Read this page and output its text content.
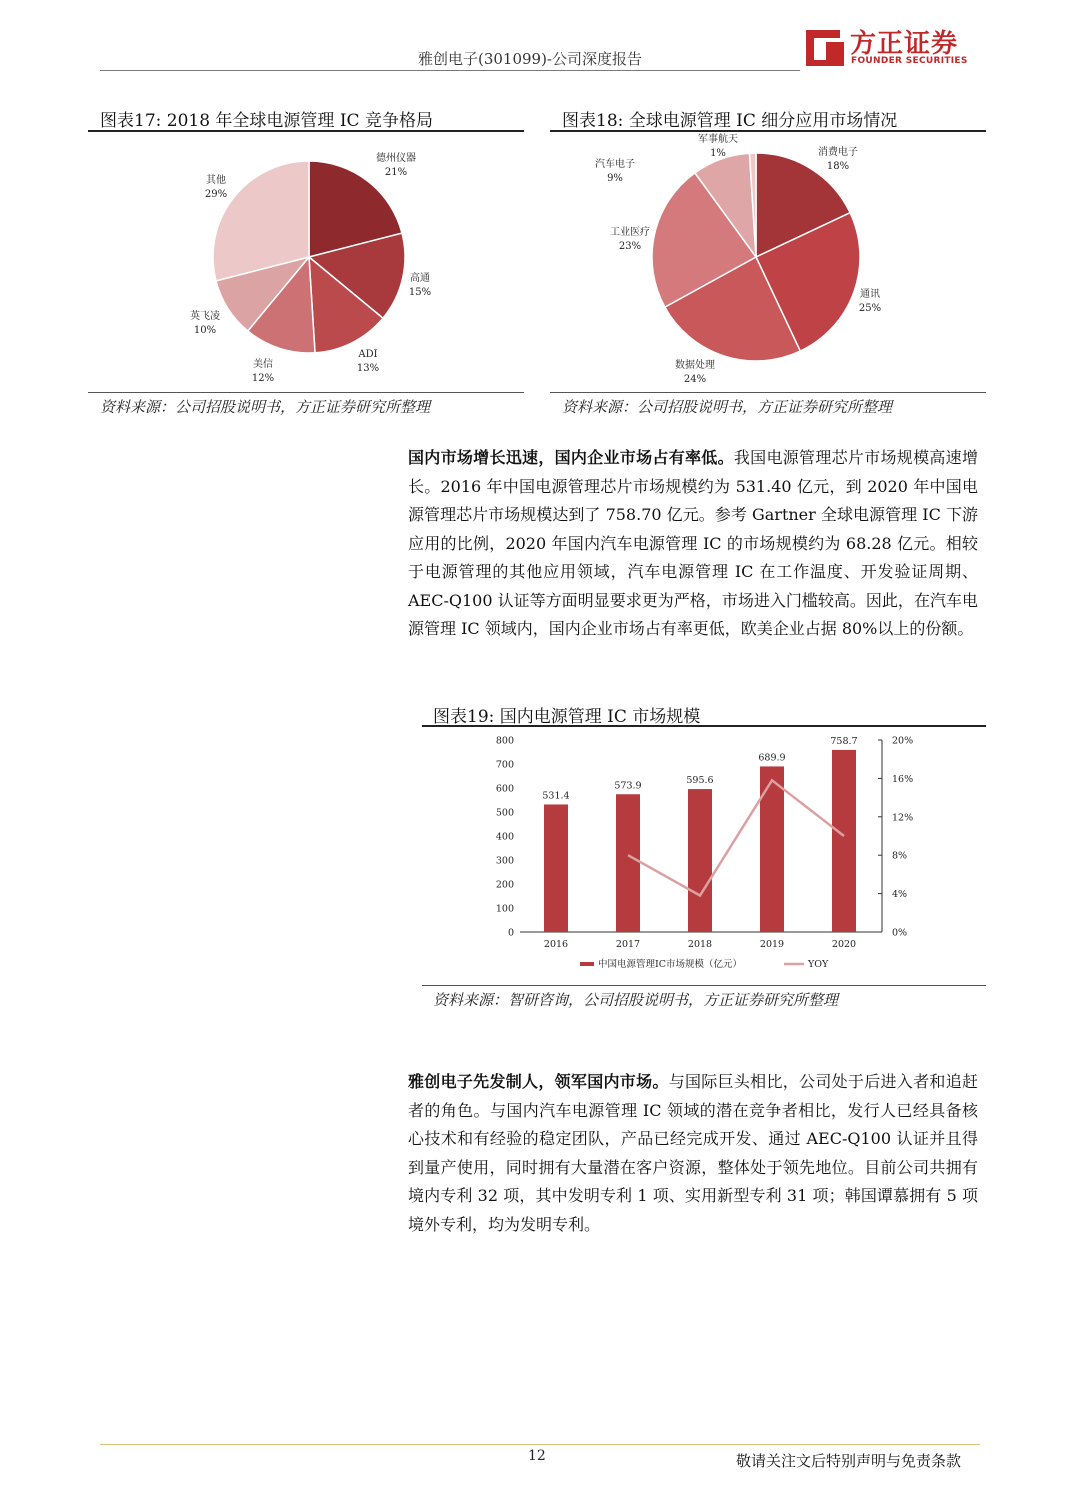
雅创电子(301099)-公司深度报告	方正证券
FOUNDER SECURITIES
图表17: 2018 年全球电源管理 IC 竞争格局
德州仪器
21%
高通
15%
ADI
13%
美信
12%
英飞凌
10%
其他
29%
资料来源：公司招股说明书，方正证券研究所整理
图表18: 全球电源管理 IC 细分应用市场情况
消费电子
18%
通讯
25%
数据处理
24%
工业医疗
23%
汽车电子
9%
军事航天
1%
资料来源：公司招股说明书，方正证券研究所整理
国内市场增长迅速，国内企业市场占有率低。我国电源管理芯片市场规模高速增长。2016 年中国电源管理芯片市场规模约为 531.40 亿元，到 2020 年中国电源管理芯片市场规模达到了 758.70 亿元。参考 Gartner 全球电源管理 IC 下游应用的比例，2020 年国内汽车电源管理 IC 的市场规模约为 68.28 亿元。相较于电源管理的其他应用领域，汽车电源管理 IC 在工作温度、开发验证周期、AEC-Q100 认证等方面明显要求更为严格，市场进入门槛较高。因此，在汽车电源管理 IC 领域内，国内企业市场占有率更低，欧美企业占据 80%以上的份额。
图表19: 国内电源管理 IC 市场规模
0
100
200
300
400
500
600
700
800
0%
4%
8%
12%
16%
20%
531.4
2016
573.9
2017
595.6
2018
689.9
2019
758.7
2020
中国电源管理IC市场规模（亿元）	YOY
资料来源：智研咨询，公司招股说明书，方正证券研究所整理
雅创电子先发制人，领军国内市场。与国际巨头相比，公司处于后进入者和追赶者的角色。与国内汽车电源管理 IC 领域的潜在竞争者相比，发行人已经具备核心技术和有经验的稳定团队，产品已经完成开发、通过 AEC-Q100 认证并且得到量产使用，同时拥有大量潜在客户资源，整体处于领先地位。目前公司共拥有境内专利 32 项，其中发明专利 1 项、实用新型专利 31 项；韩国谭慕拥有 5 项境外专利，均为发明专利。
12	敬请关注文后特别声明与免责条款
